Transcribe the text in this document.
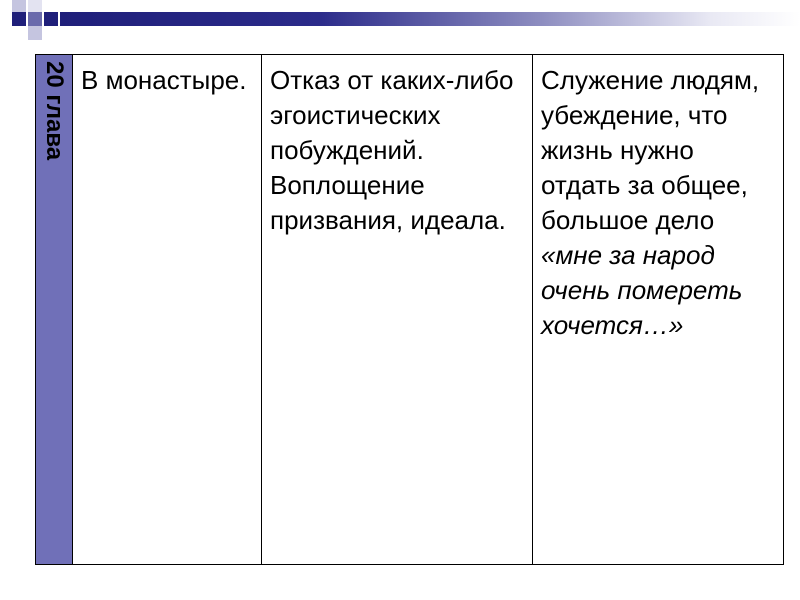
20 глава	В монастыре.	Отказ от каких-либо эгоистических побуждений. Воплощение призвания, идеала.	Служение людям, убеждение, что жизнь нужно отдать за общее, большое дело «мне за народ очень помереть хочется…»
